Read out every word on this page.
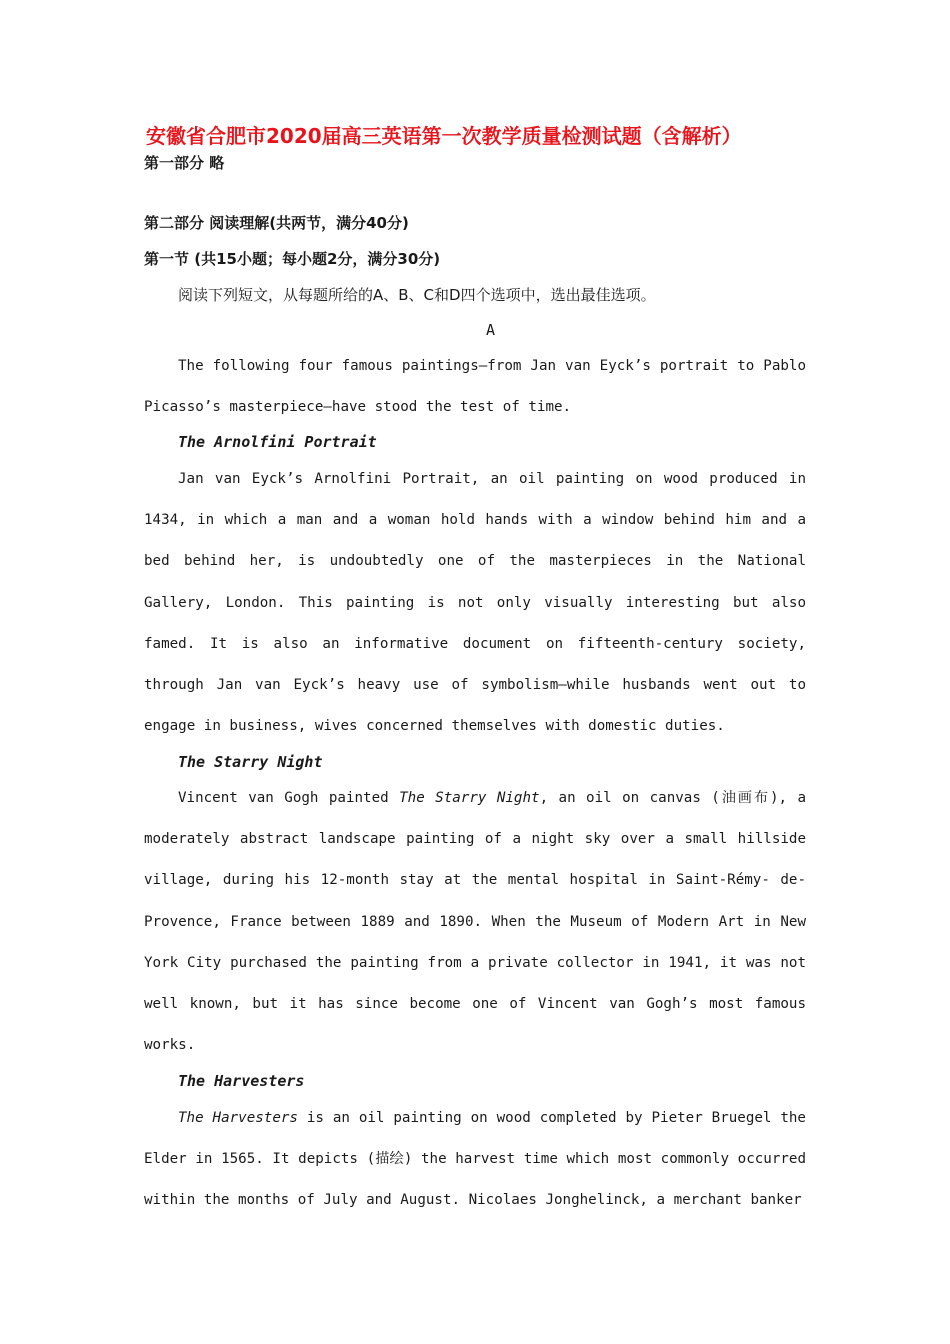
安徽省合肥市2020届高三英语第一次教学质量检测试题（含解析）
第一部分 略
第二部分 阅读理解(共两节，满分40分)
第一节 (共15小题；每小题2分，满分30分)
阅读下列短文，从每题所给的A、B、C和D四个选项中，选出最佳选项。
A

The following four famous paintings—from Jan van Eyck’s portrait to Pablo Picasso’s masterpiece—have stood the test of time.

The Arnolfini Portrait

Jan van Eyck’s Arnolfini Portrait, an oil painting on wood produced in 1434, in which a man and a woman hold hands with a window behind him and a bed behind her, is undoubtedly one of the masterpieces in the National Gallery, London. This painting is not only visually interesting but also famed. It is also an informative document on fifteenth-century society, through Jan van Eyck’s heavy use of symbolism—while husbands went out to engage in business, wives concerned themselves with domestic duties.

The Starry Night

Vincent van Gogh painted The Starry Night, an oil on canvas (油画布), a moderately abstract landscape painting of a night sky over a small hillside village, during his 12-month stay at the mental hospital in Saint-Rémy- de-Provence, France between 1889 and 1890. When the Museum of Modern Art in New York City purchased the painting from a private collector in 1941, it was not well known, but it has since become one of Vincent van Gogh’s most famous works.

The Harvesters

The Harvesters is an oil painting on wood completed by Pieter Bruegel the Elder in 1565. It depicts (描绘) the harvest time which most commonly occurred within the months of July and August. Nicolaes Jonghelinck, a merchant banker
